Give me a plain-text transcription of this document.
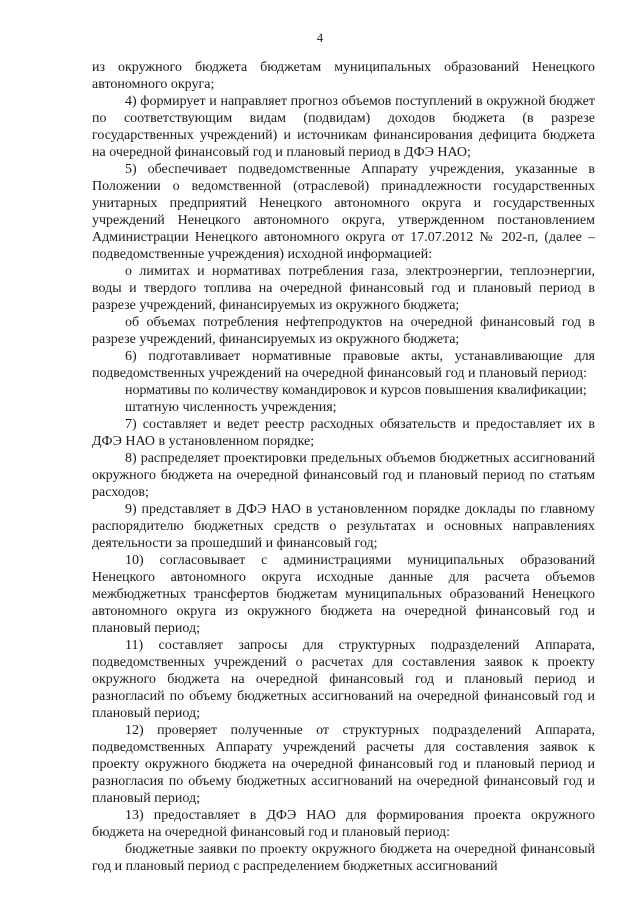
4

из окружного бюджета бюджетам муниципальных образований Ненецкого автономного округа;

4) формирует и направляет прогноз объемов поступлений в окружной бюджет по соответствующим видам (подвидам) доходов бюджета (в разрезе государственных учреждений) и источникам финансирования дефицита бюджета на очередной финансовый год и плановый период в ДФЭ НАО;

5) обеспечивает подведомственные Аппарату учреждения, указанные в Положении о ведомственной (отраслевой) принадлежности государственных унитарных предприятий Ненецкого автономного округа и государственных учреждений Ненецкого автономного округа, утвержденном постановлением Администрации Ненецкого автономного округа от 17.07.2012 № 202-п, (далее – подведомственные учреждения) исходной информацией:

о лимитах и нормативах потребления газа, электроэнергии, теплоэнергии, воды и твердого топлива на очередной финансовый год и плановый период в разрезе учреждений, финансируемых из окружного бюджета;

об объемах потребления нефтепродуктов на очередной финансовый год в разрезе учреждений, финансируемых из окружного бюджета;

6) подготавливает нормативные правовые акты, устанавливающие для подведомственных учреждений на очередной финансовый год и плановый период:

нормативы по количеству командировок и курсов повышения квалификации;

штатную численность учреждения;

7) составляет и ведет реестр расходных обязательств и предоставляет их в ДФЭ НАО в установленном порядке;

8) распределяет проектировки предельных объемов бюджетных ассигнований окружного бюджета на очередной финансовый год и плановый период по статьям расходов;

9) представляет в ДФЭ НАО в установленном порядке доклады по главному распорядителю бюджетных средств о результатах и основных направлениях деятельности за прошедший и финансовый год;

10) согласовывает с администрациями муниципальных образований Ненецкого автономного округа исходные данные для расчета объемов межбюджетных трансфертов бюджетам муниципальных образований Ненецкого автономного округа из окружного бюджета на очередной финансовый год и плановый период;

11) составляет запросы для структурных подразделений Аппарата, подведомственных учреждений о расчетах для составления заявок к проекту окружного бюджета на очередной финансовый год и плановый период и разногласий по объему бюджетных ассигнований на очередной финансовый год и плановый период;

12) проверяет полученные от структурных подразделений Аппарата, подведомственных Аппарату учреждений расчеты для составления заявок к проекту окружного бюджета на очередной финансовый год и плановый период и разногласия по объему бюджетных ассигнований на очередной финансовый год и плановый период;

13) предоставляет в ДФЭ НАО для формирования проекта окружного бюджета на очередной финансовый год и плановый период:

бюджетные заявки по проекту окружного бюджета на очередной финансовый год и плановый период с распределением бюджетных ассигнований
